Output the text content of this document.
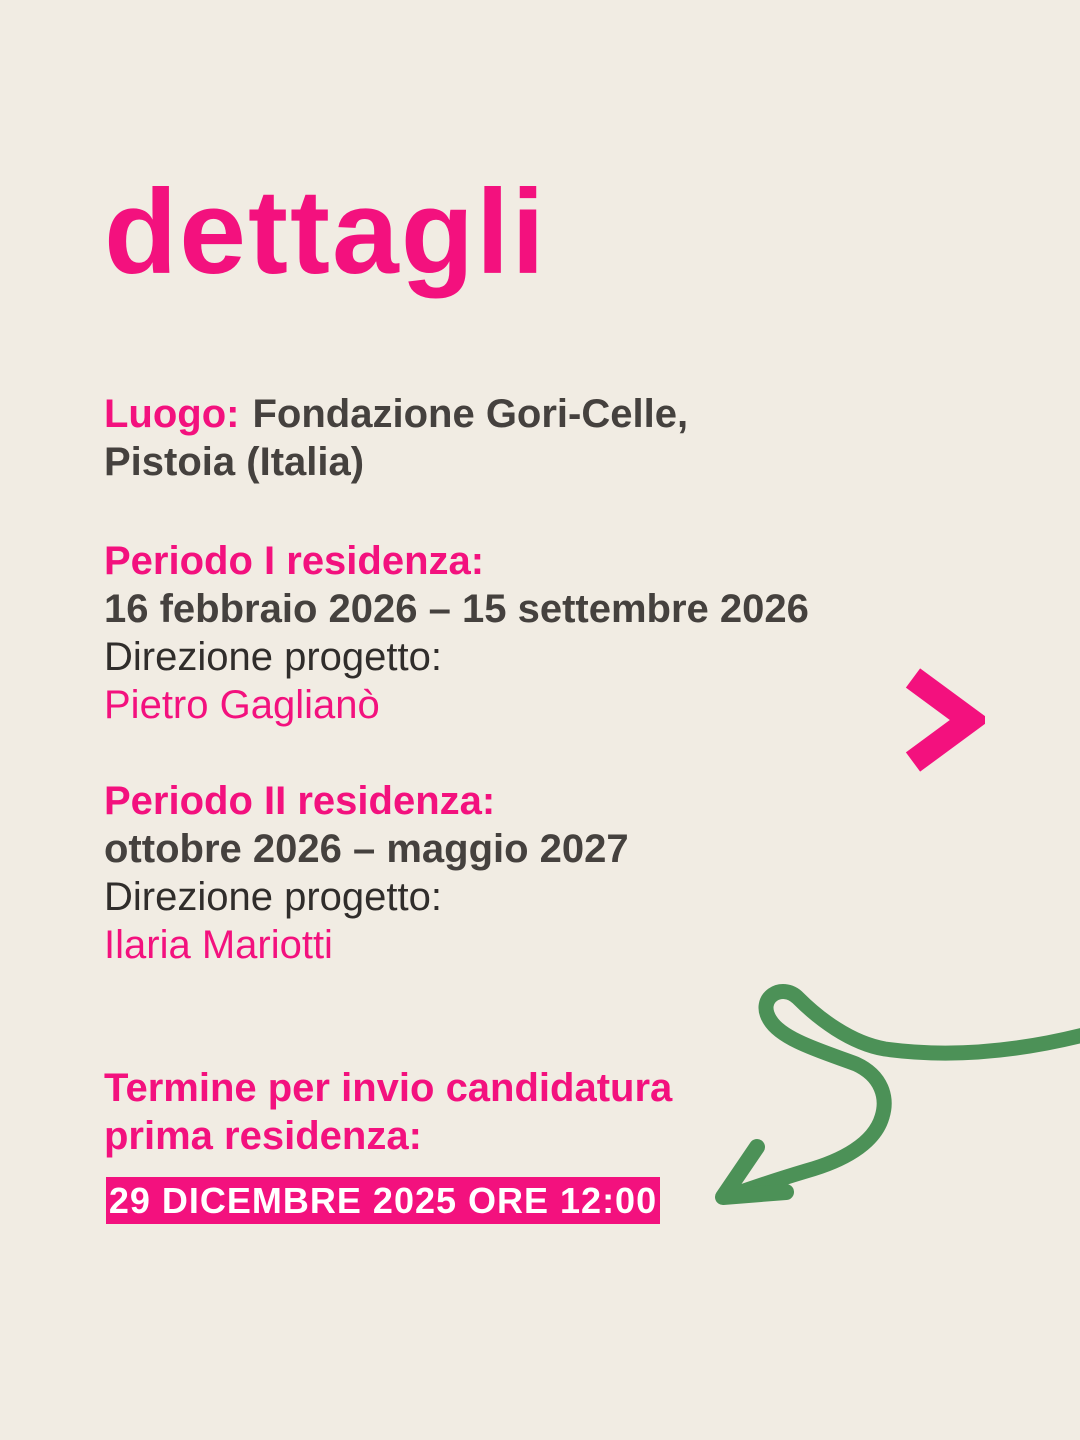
dettagli

Luogo: Fondazione Gori-Celle,

Pistoia (Italia)

Periodo I residenza:

16 febbraio 2026 – 15 settembre 2026

Direzione progetto:

Pietro Gaglianò

Periodo II residenza:

ottobre 2026 – maggio 2027

Direzione progetto:

Ilaria Mariotti

Termine per invio candidatura

prima residenza:

29 DICEMBRE 2025 ORE 12:00
